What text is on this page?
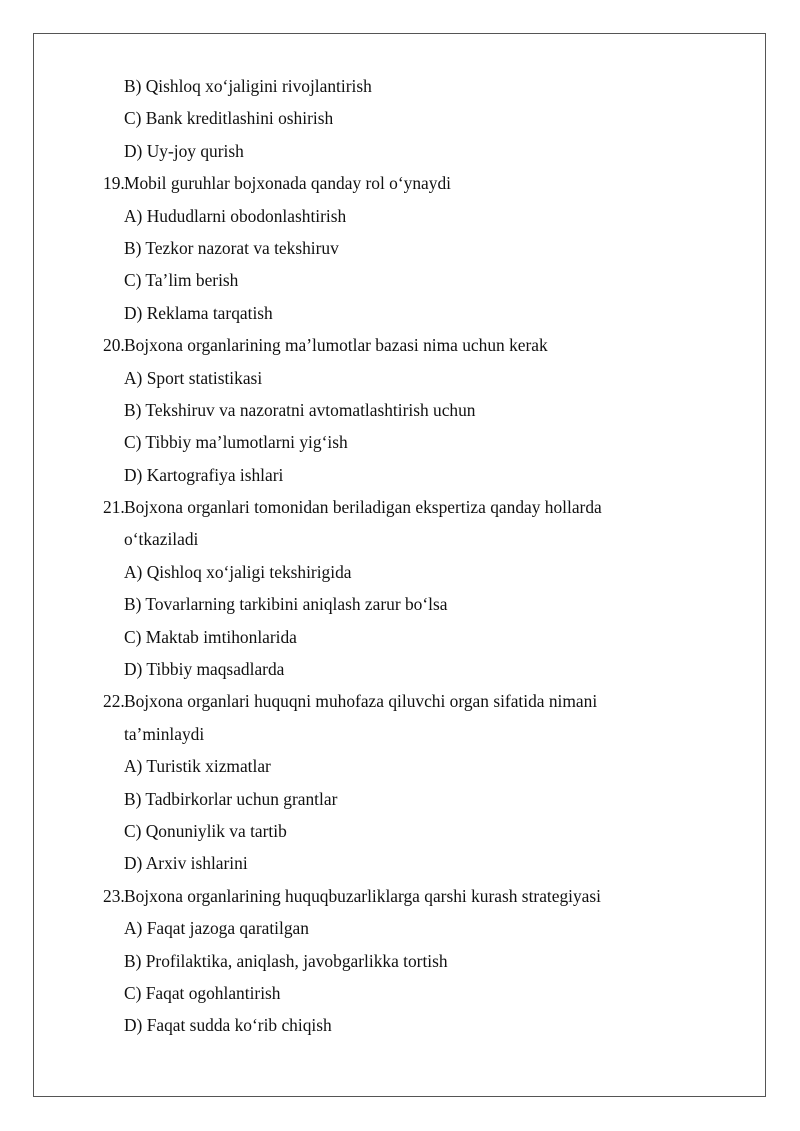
B) Qishloq xo‘jaligini rivojlantirish
C) Bank kreditlashini oshirish
D) Uy-joy qurish
19. Mobil guruhlar bojxonada qanday rol o‘ynaydi
A) Hududlarni obodonlashtirish
B) Tezkor nazorat va tekshiruv
C) Ta’lim berish
D) Reklama tarqatish
20. Bojxona organlarining ma’lumotlar bazasi nima uchun kerak
A) Sport statistikasi
B) Tekshiruv va nazoratni avtomatlashtirish uchun
C) Tibbiy ma’lumotlarni yig‘ish
D) Kartografiya ishlari
21. Bojxona organlari tomonidan beriladigan ekspertiza qanday hollarda
o‘tkaziladi
A) Qishloq xo‘jaligi tekshirigida
B) Tovarlarning tarkibini aniqlash zarur bo‘lsa
C) Maktab imtihonlarida
D) Tibbiy maqsadlarda
22. Bojxona organlari huquqni muhofaza qiluvchi organ sifatida nimani
ta’minlaydi
A) Turistik xizmatlar
B) Tadbirkorlar uchun grantlar
C) Qonuniylik va tartib
D) Arxiv ishlarini
23. Bojxona organlarining huquqbuzarliklarga qarshi kurash strategiyasi
A) Faqat jazoga qaratilgan
B) Profilaktika, aniqlash, javobgarlikka tortish
C) Faqat ogohlantirish
D) Faqat sudda ko‘rib chiqish
